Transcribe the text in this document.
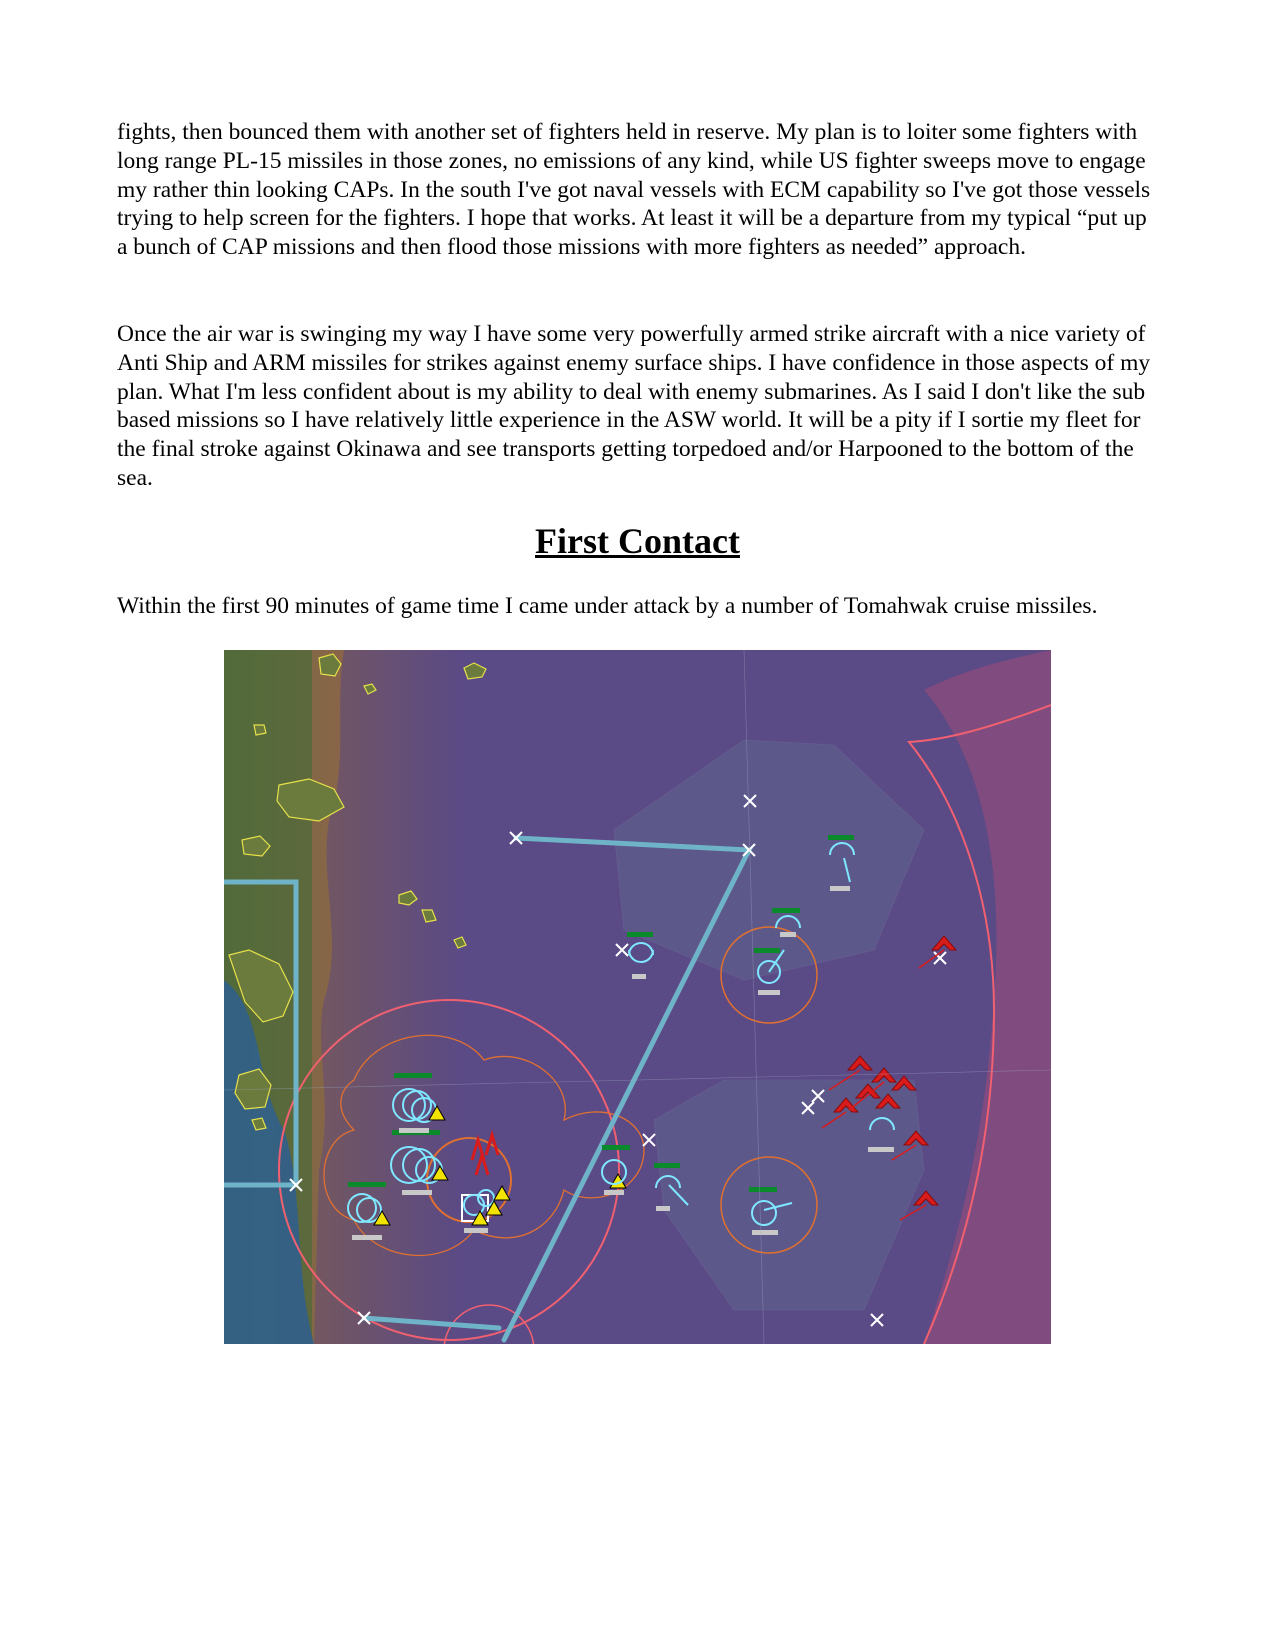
fights, then bounced them with another set of fighters held in reserve. My plan is to loiter some fighters with long range PL-15 missiles in those zones, no emissions of any kind, while US fighter sweeps move to engage my rather thin looking CAPs. In the south I've got naval vessels with ECM capability so I've got those vessels trying to help screen for the fighters. I hope that works. At least it will be a departure from my typical “put up a bunch of CAP missions and then flood those missions with more fighters as needed” approach.

Once the air war is swinging my way I have some very powerfully armed strike aircraft with a nice variety of Anti Ship and ARM missiles for strikes against enemy surface ships. I have confidence in those aspects of my plan. What I'm less confident about is my ability to deal with enemy submarines. As I said I don't like the sub based missions so I have relatively little experience in the ASW world. It will be a pity if I sortie my fleet for the final stroke against Okinawa and see transports getting torpedoed and/or Harpooned to the bottom of the sea.

First Contact

Within the first 90 minutes of game time I came under attack by a number of Tomahwak cruise missiles.
